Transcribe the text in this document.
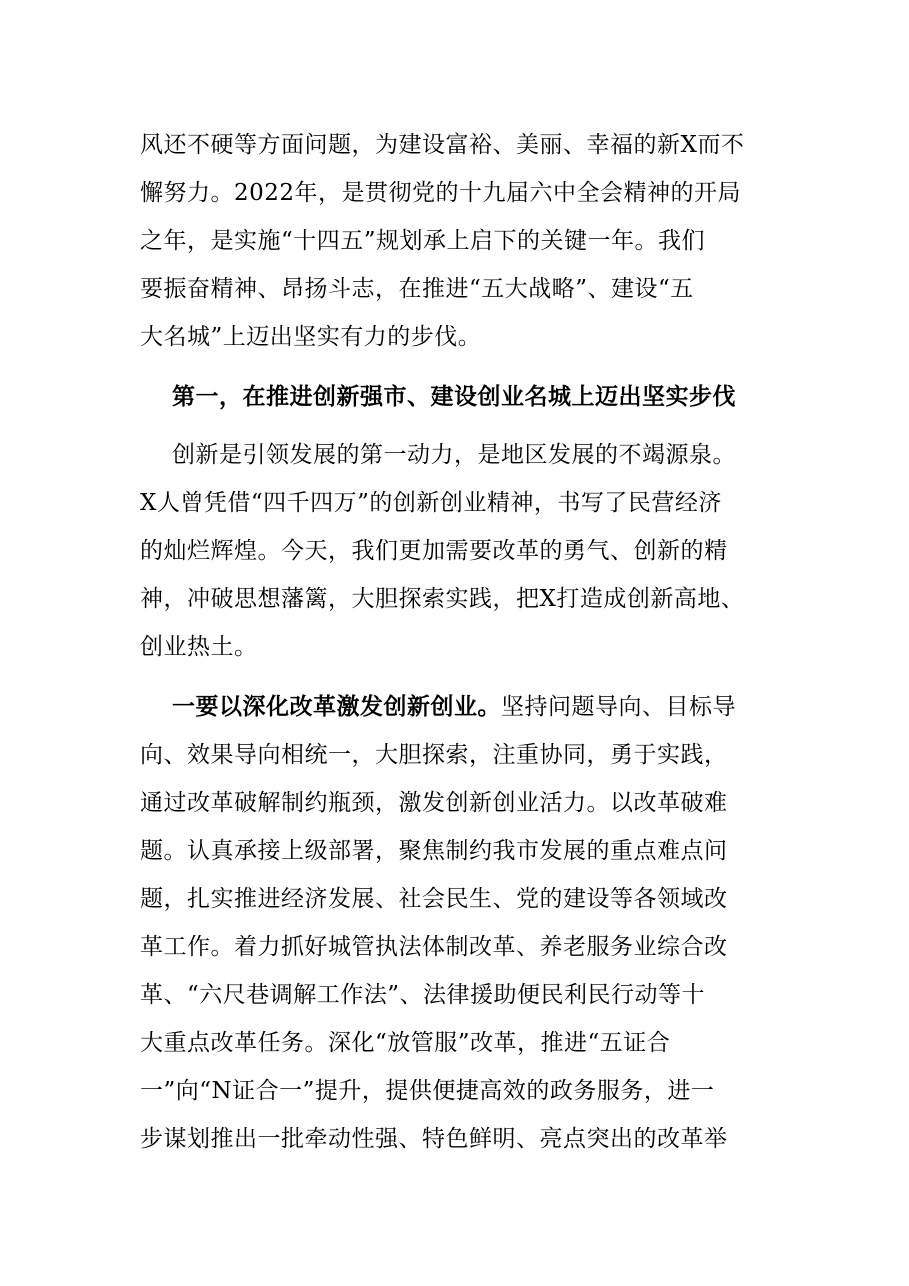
风还不硬等方面问题，为建设富裕、美丽、幸福的新X而不
懈努力。2022年，是贯彻党的十九届六中全会精神的开局
之年，是实施“十四五”规划承上启下的关键一年。我们
要振奋精神、昂扬斗志，在推进“五大战略”、建设“五
大名城”上迈出坚实有力的步伐。
第一，在推进创新强市、建设创业名城上迈出坚实步伐
创新是引领发展的第一动力，是地区发展的不竭源泉。
X人曾凭借“四千四万”的创新创业精神，书写了民营经济
的灿烂辉煌。今天，我们更加需要改革的勇气、创新的精
神，冲破思想藩篱，大胆探索实践，把X打造成创新高地、
创业热土。
一要以深化改革激发创新创业。坚持问题导向、目标导
向、效果导向相统一，大胆探索，注重协同，勇于实践，
通过改革破解制约瓶颈，激发创新创业活力。以改革破难
题。认真承接上级部署，聚焦制约我市发展的重点难点问
题，扎实推进经济发展、社会民生、党的建设等各领域改
革工作。着力抓好城管执法体制改革、养老服务业综合改
革、“六尺巷调解工作法”、法律援助便民利民行动等十
大重点改革任务。深化“放管服”改革，推进“五证合
一”向“N证合一”提升，提供便捷高效的政务服务，进一
步谋划推出一批牵动性强、特色鲜明、亮点突出的改革举
